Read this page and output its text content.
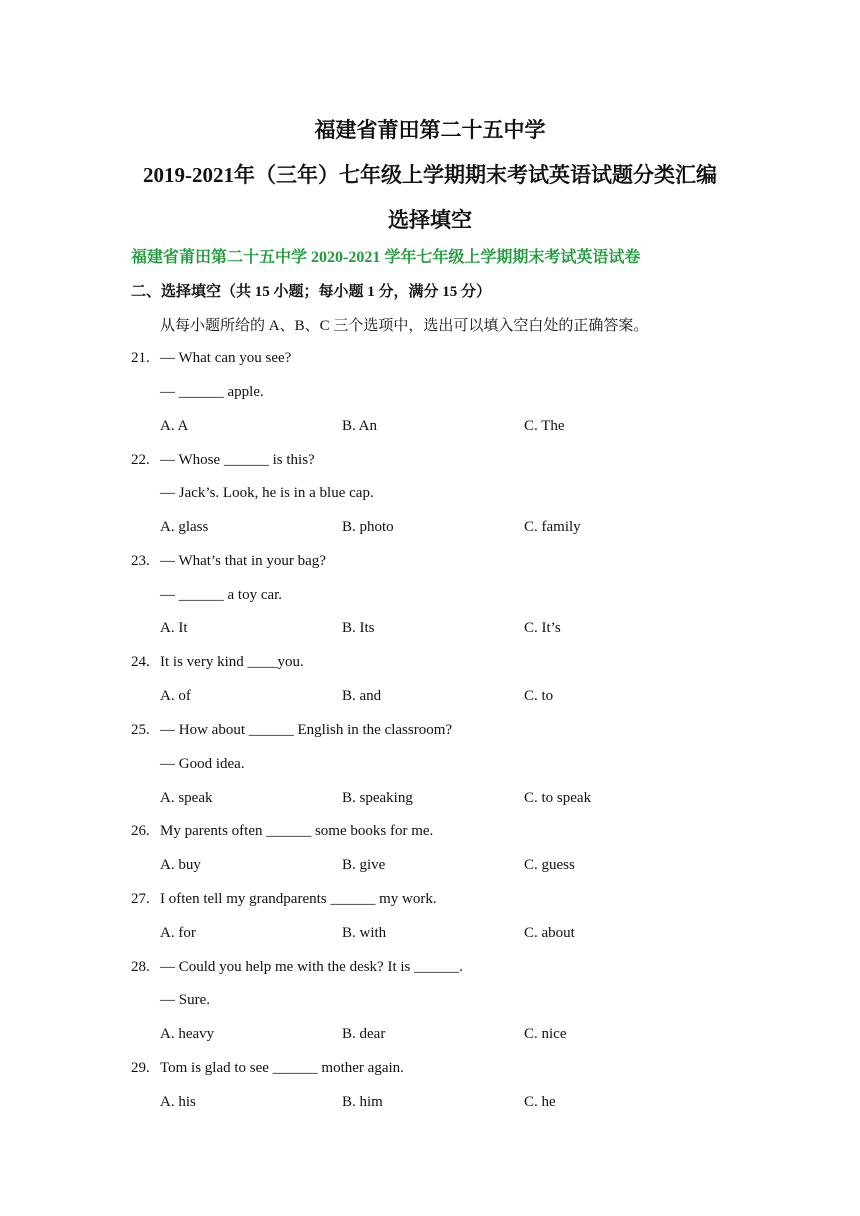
福建省莆田第二十五中学
2019-2021年（三年）七年级上学期期末考试英语试题分类汇编
选择填空
福建省莆田第二十五中学 2020-2021 学年七年级上学期期末考试英语试卷
二、选择填空（共 15 小题；每小题 1 分，满分 15 分）
从每小题所给的 A、B、C 三个选项中，选出可以填入空白处的正确答案。
21. — What can you see?
— ______ apple.
A. A	B. An	C. The
22. — Whose ______ is this?
— Jack’s. Look, he is in a blue cap.
A. glass	B. photo	C. family
23. — What’s that in your bag?
— ______ a toy car.
A. It	B. Its	C. It’s
24. It is very kind ____you.
A. of	B. and	C. to
25. — How about ______ English in the classroom?
— Good idea.
A. speak	B. speaking	C. to speak
26. My parents often ______ some books for me.
A. buy	B. give	C. guess
27. I often tell my grandparents ______ my work.
A. for	B. with	C. about
28. — Could you help me with the desk? It is ______.
— Sure.
A. heavy	B. dear	C. nice
29. Tom is glad to see ______ mother again.
A. his	B. him	C. he
